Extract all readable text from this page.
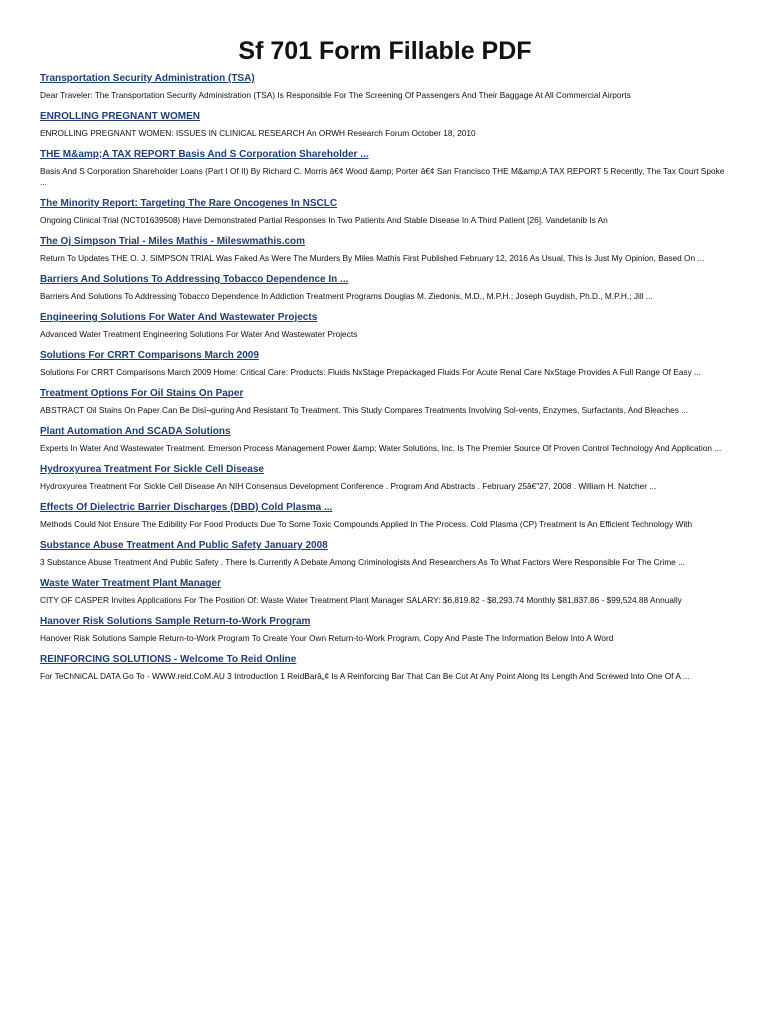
Sf 701 Form Fillable PDF
Transportation Security Administration (TSA)

Dear Traveler: The Transportation Security Administration (TSA) Is Responsible For The Screening Of Passengers And Their Baggage At All Commercial Airports

ENROLLING PREGNANT WOMEN

ENROLLING PREGNANT WOMEN: ISSUES IN CLINICAL RESEARCH An ORWH Research Forum October 18, 2010

THE M&amp;A TAX REPORT Basis And S Corporation Shareholder ...

Basis And S Corporation Shareholder Loans (Part I Of II) By Richard C. Morris â€¢ Wood &amp; Porter â€¢ San Francisco THE M&amp;A TAX REPORT 5 Recently, The Tax Court Spoke ...

The Minority Report: Targeting The Rare Oncogenes In NSCLC

Ongoing Clinical Trial (NCT01639508) Have Demonstrated Partial Responses In Two Patients And Stable Disease In A Third Patient [26]. Vandetanib Is An

The Oj Simpson Trial - Miles Mathis - Mileswmathis.com

Return To Updates THE O. J. SIMPSON TRIAL Was Faked As Were The Murders By Miles Mathis First Published February 12, 2016 As Usual, This Is Just My Opinion, Based On ...

Barriers And Solutions To Addressing Tobacco Dependence In ...

Barriers And Solutions To Addressing Tobacco Dependence In Addiction Treatment Programs Douglas M. Ziedonis, M.D., M.P.H.; Joseph Guydish, Ph.D., M.P.H.; Jill ...

Engineering Solutions For Water And Wastewater Projects

Advanced Water Treatment Engineering Solutions For Water And Wastewater Projects

Solutions For CRRT Comparisons March 2009

Solutions For CRRT Comparisons March 2009 Home: Critical Care: Products: Fluids NxStage Prepackaged Fluids For Acute Renal Care NxStage Provides A Full Range Of Easy ...

Treatment Options For Oil Stains On Paper

ABSTRACT Oil Stains On Paper Can Be Disï¬guring And Resistant To Treatment. This Study Compares Treatments Involving Sol-vents, Enzymes, Surfactants, And Bleaches ...

Plant Automation And SCADA Solutions

Experts In Water And Wastewater Treatment. Emerson Process Management Power &amp; Water Solutions, Inc. Is The Premier Source Of Proven Control Technology And Application ...

Hydroxyurea Treatment For Sickle Cell Disease

Hydroxyurea Treatment For Sickle Cell Disease An NIH Consensus Development Conference . Program And Abstracts . February 25â€"27, 2008 . William H. Natcher ...

Effects Of Dielectric Barrier Discharges (DBD) Cold Plasma ...

Methods Could Not Ensure The Edibility For Food Products Due To Some Toxic Compounds Applied In The Process. Cold Plasma (CP) Treatment Is An Efficient Technology With

Substance Abuse Treatment And Public Safety January 2008

3 Substance Abuse Treatment And Public Safety . There Is Currently A Debate Among Criminologists And Researchers As To What Factors Were Responsible For The Crime ...

Waste Water Treatment Plant Manager

CITY OF CASPER Invites Applications For The Position Of: Waste Water Treatment Plant Manager SALARY: $6,819.82 - $8,293.74 Monthly $81,837.86 - $99,524.88 Annually

Hanover Risk Solutions Sample Return-to-Work Program

Hanover Risk Solutions Sample Return-to-Work Program To Create Your Own Return-to-Work Program, Copy And Paste The Information Below Into A Word

REINFORCING SOLUTIONS - Welcome To Reid Online

For TeChNiCAL DATA Go To - WWW.reid.CoM.AU 3 IntroductIon 1 ReidBarâ„¢ Is A Reinforcing Bar That Can Be Cut At Any Point Along Its Length And Screwed Into One Of A ...
